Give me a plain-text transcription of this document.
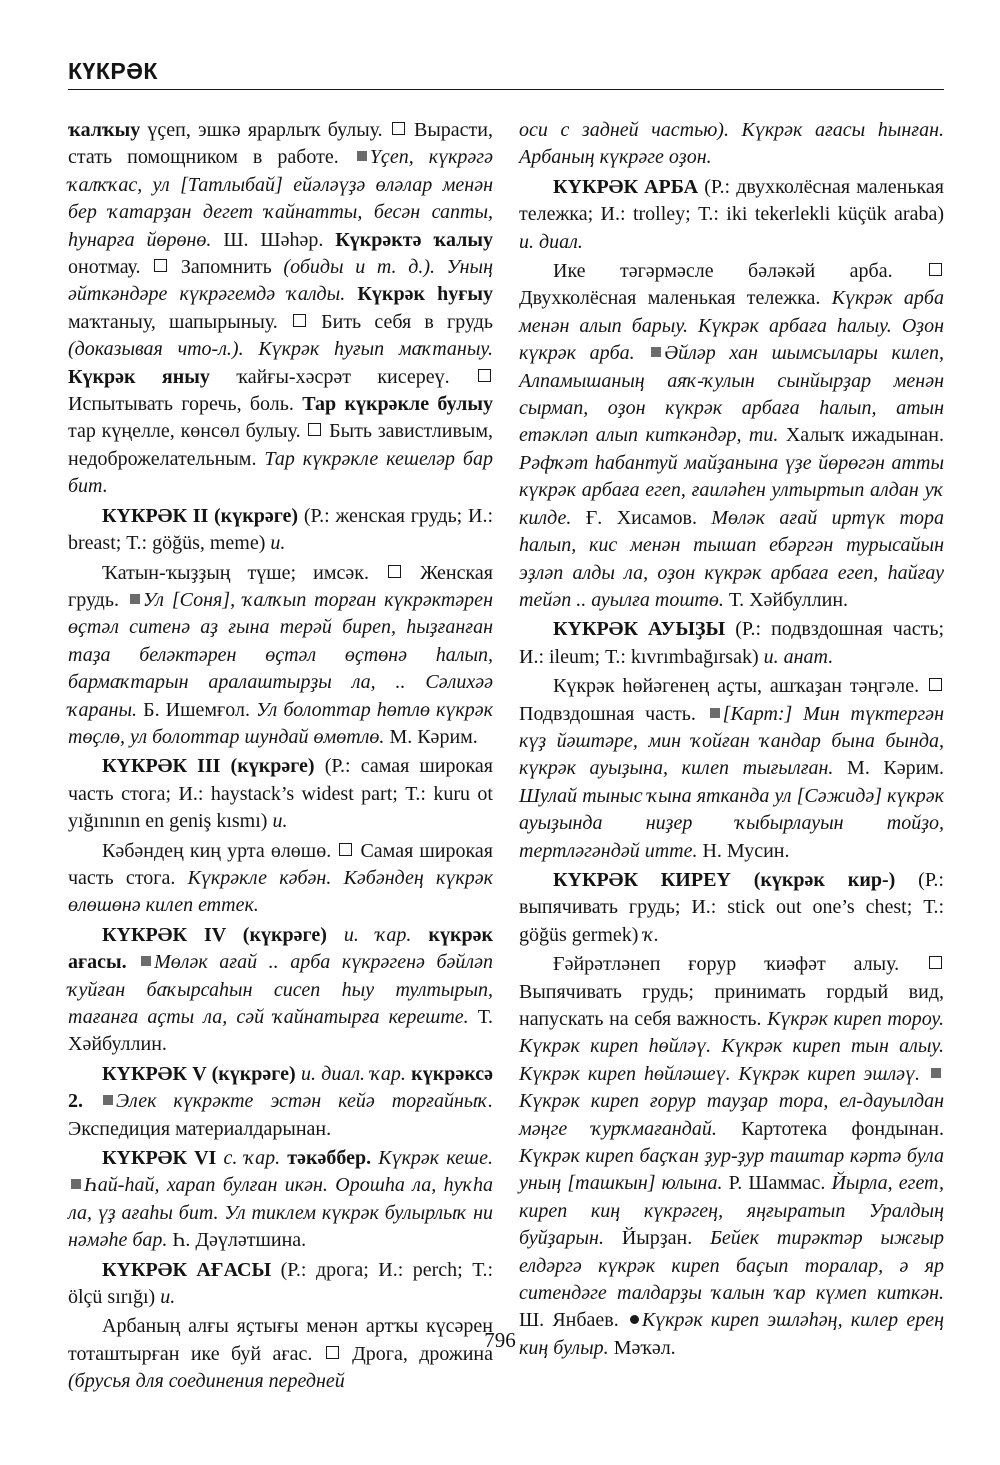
КҮКРӘК

ҡалҡыу үҫеп, эшкә ярарлыҡ булыу.  Вырасти, стать помощником в работе. Үҫеп, күкрәгә ҡалҡҡас, ул [Татлыбай] ейәләүҙә өләлар менән бер ҡатарҙан дегет ҡайнатты, бесән сапты, һунарға йөрөнө. Ш. Шәһәр. Күкрәктә ҡалыу онотмау.  Запомнить (обиды и т. д.). Уның әйткәндәре күкрәгемдә ҡалды. Күкрәк һуғыу маҡтаныу, шапырыныу.  Бить себя в грудь (доказывая что-л.). Күкрәк һуғып маҡтаныу. Күкрәк яныу ҡайғы-хәсрәт кисереү.  Испытывать горечь, боль. Тар күкрәкле булыу тар күңелле, көнсөл булыу.  Быть завистливым, недоброжелательным. Тар күкрәкле кешеләр бар бит.

КҮКРӘК II (күкрәге) (Р.: женская грудь; И.: breast; Т.: göğüs, meme) и.

Ҡатын-ҡыҙҙың түше; имсәк.  Женская грудь. Ул [Соня], ҡалҡып торған күкрәктәрен өҫтәл ситенә аҙ ғына терәй биреп, һыҙғанған таҙа беләктәрен өҫтәл өҫтөнә һалып, бармаҡтарын аралаштырҙы ла, .. Сәлихәә ҡараны. Б. Ишемғол. Ул болоттар һөтлө күкрәк төҫлө, ул болоттар шундай өмөтлө. М. Кәрим.

КҮКРӘК III (күкрәге) (Р.: самая широкая часть стога; И.: haystack’s widest part; Т.: kuru ot yığınının en geniş kısmı) и.

Кәбәндең киң урта өлөшө.  Самая широкая часть стога. Күкрәкле кәбән. Кәбәндең күкрәк өлөшөнә килеп еттек.

КҮКРӘК IV (күкрәге) и. ҡар. күкрәк ағасы. Мөләк ағай .. арба күкрәгенә бәйләп ҡуйған баҡырсаһын сисеп һыу тултырып, тағанға аҫты ла, сәй ҡайнатырға кереште. Т. Хәйбуллин.

КҮКРӘК V (күкрәге) и. диал. ҡар. күкрәксә 2. Элек күкрәкте эстән кейә торғайныҡ. Экспедиция материалдарынан.

КҮКРӘК VI с. ҡар. тәкәббер. Күкрәк кеше. Һай-һай, харап булған икән. Орошһа ла, һуҡһа ла, үҙ ағаһы бит. Ул тиклем күкрәк булырлыҡ ни нәмәһе бар. Һ. Дәүләтшина.

КҮКРӘК АҒАСЫ (Р.: дрога; И.: perch; Т.: ölçü sırığı) и.

Арбаның алғы яҫтығы менән артҡы күсәрен тоташтырған ике буй ағас.  Дрога, дрожина (брусья для соединения передней

оси с задней частью). Күкрәк ағасы һынған. Арбаның күкрәге оҙон.

КҮКРӘК АРБА (Р.: двухколёсная маленькая тележка; И.: trolley; Т.: iki tekerlekli küçük araba) и. диал.

Ике тәгәрмәсле бәләкәй арба.  Двухколёсная маленькая тележка. Күкрәк арба менән алып барыу. Күкрәк арбаға һалыу. Оҙон күкрәк арба. Әйләр хан шымсылары килеп, Алпамышаның аяҡ-ҡулын сынйырҙар менән сырмап, оҙон күкрәк арбаға һалып, атын етәкләп алып киткәндәр, ти. Халыҡ ижадынан. Рәфҡәт һабантуй майҙанына үҙе йөрөгән атты күкрәк арбаға егеп, ғаиләһен ултыртып алдан уҡ килде. Ғ. Хисамов. Мөләк ағай иртүк тора һалып, кис менән тышап ебәргән турысайын эҙләп алды ла, оҙон күкрәк арбаға егеп, һайғау тейәп .. ауылға тоштө. Т. Хәйбуллин.

КҮКРӘК АУЫҘЫ (Р.: подвздошная часть; И.: ileum; Т.: kıvrımbağırsak) и. анат.

Күкрәк һөйәгенең аҫты, ашҡаҙан тәңгәле.  Подвздошная часть. [Карт:] Мин түктергән күҙ йәштәре, мин ҡойған ҡандар бына бында, күкрәк ауыҙына, килеп тығылған. М. Кәрим. Шулай тыныс ҡына ятканда ул [Сәжидә] күкрәк ауыҙында ниҙер ҡыбырлауын тойҙо, тертләгәндәй итте. Н. Мусин.

КҮКРӘК КИРЕҮ (күкрәк кир-) (Р.: выпячивать грудь; И.: stick out one’s chest; Т.: göğüs germek) ҡ.

Ғәйрәтләнеп ғорур ҡиәфәт алыу.  Выпячивать грудь; принимать гордый вид, напускать на себя важность. Күкрәк киреп тороу. Күкрәк киреп һөйләү. Күкрәк киреп тын алыу. Күкрәк киреп һөйләшеү. Күкрәк киреп эшләү. Күкрәк киреп ғорур тауҙар тора, ел-дауылдан мәңге ҡурҡмағандай. Картотека фондынан. Күкрәк киреп баҫҡан ҙур-ҙур таштар кәртә була уның [ташкын] юлына. Р. Шаммас. Йырла, егет, киреп киң күкрәгең, яңғыратып Уралдың буйҙарын. Йырҙан. Бейек тирәктәр ыжғыр елдәргә күкрәк киреп баҫып торалар, ә яр ситендәге талдарҙы ҡалын ҡар күмеп киткән. Ш. Янбаев. Күкрәк киреп эшләһәң, килер ерең киң булыр. Мәҡәл.

796
